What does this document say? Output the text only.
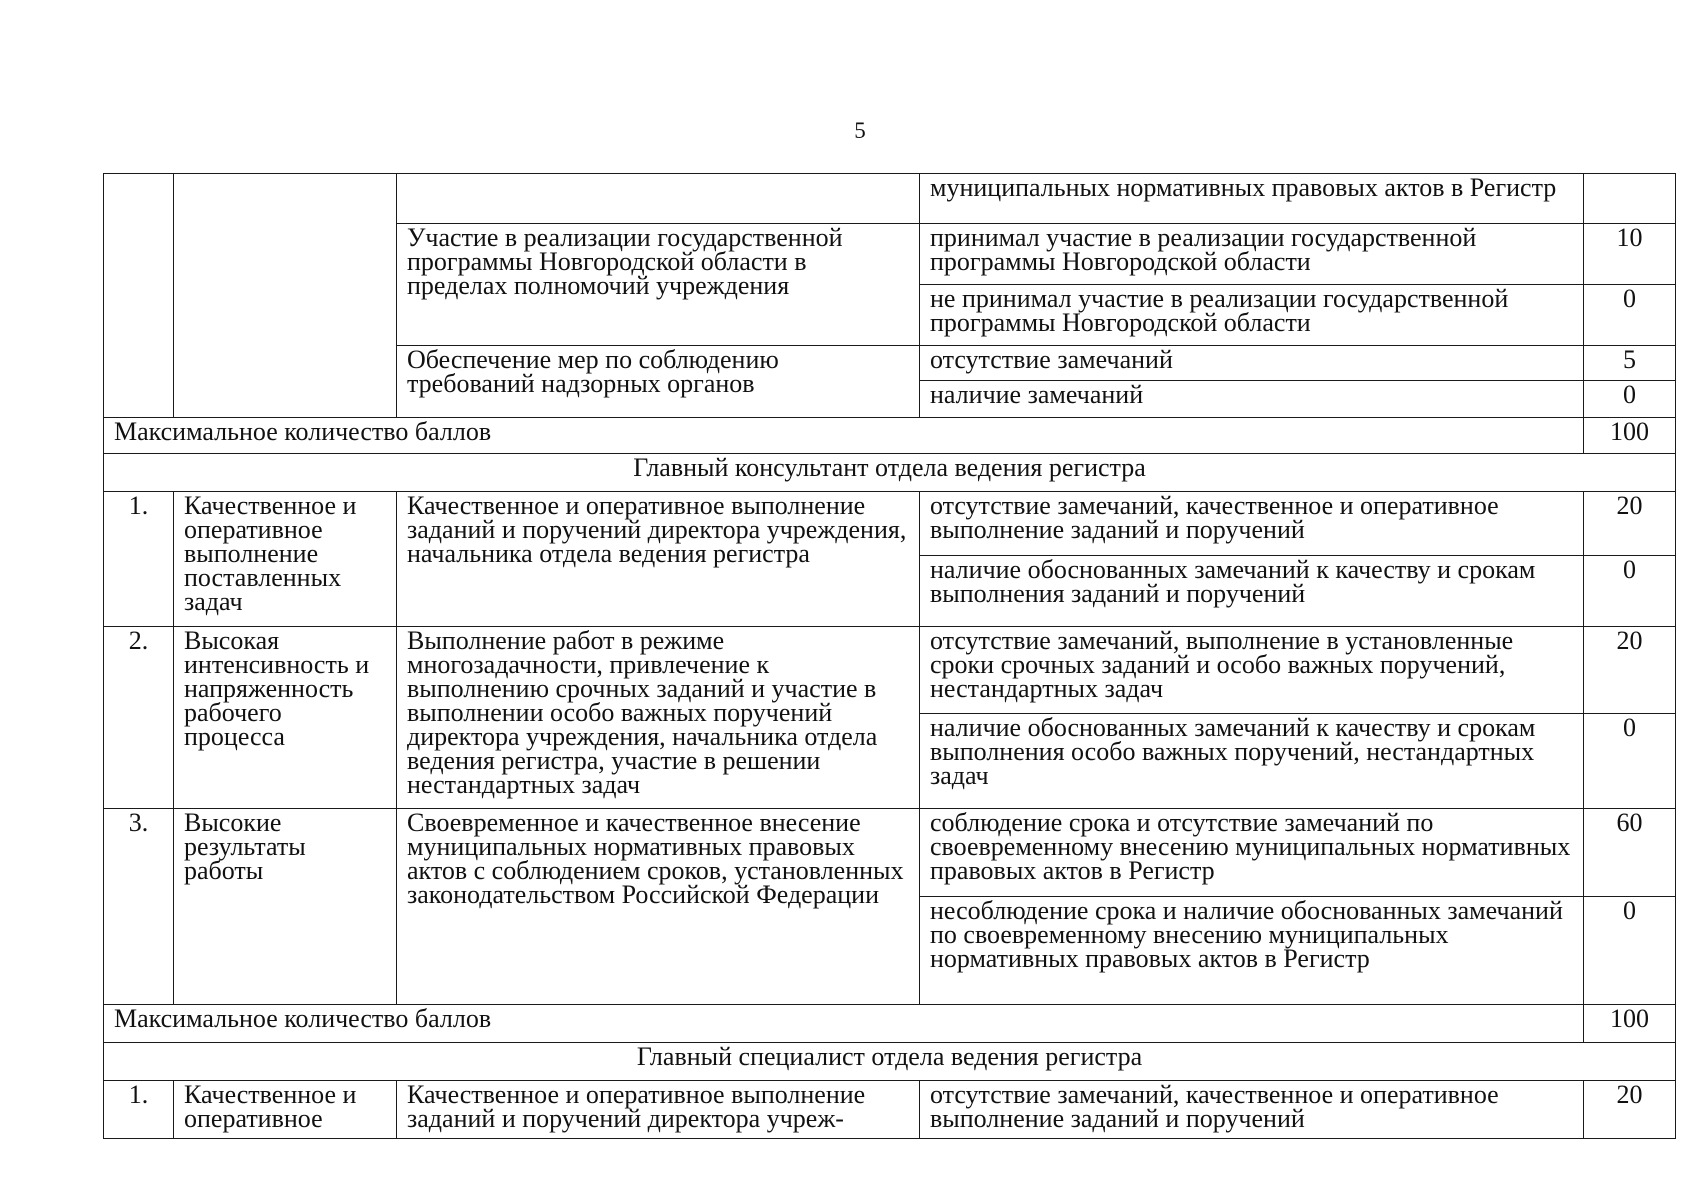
5
			муниципальных нормативных правовых актов в Регистр	
		Участие в реализации государственной программы Новгородской области в пределах полномочий учреждения	принимал участие в реализации государственной программы Новгородской области	10
			не принимал участие в реализации государственной программы Новгородской области	0
		Обеспечение мер по соблюдению требований надзорных органов	отсутствие замечаний	5
			наличие замечаний	0
Максимальное количество баллов				100
Главный консультант отдела ведения регистра				
1.	Качественное и оперативное выполнение поставленных задач	Качественное и оперативное выполнение заданий и поручений директора учреждения, начальника отдела ведения регистра	отсутствие замечаний, качественное и оперативное выполнение заданий и поручений	20
			наличие обоснованных замечаний к качеству и срокам выполнения заданий и поручений	0
2.	Высокая интенсивность и напряженность рабочего процесса	Выполнение работ в режиме многозадачности, привлечение к выполнению срочных заданий и участие в выполнении особо важных поручений директора учреждения, начальника отдела ведения регистра, участие в решении нестандартных задач	отсутствие замечаний, выполнение в установленные сроки срочных заданий и особо важных поручений, нестандартных задач	20
			наличие обоснованных замечаний к качеству и срокам выполнения особо важных поручений, нестандартных задач	0
3.	Высокие результаты работы	Своевременное и качественное внесение муниципальных нормативных правовых актов с соблюдением сроков, установленных законодательством Российской Федерации	соблюдение срока и отсутствие замечаний по своевременному внесению муниципальных нормативных правовых актов в Регистр	60
			несоблюдение срока и наличие обоснованных замечаний по своевременному внесению муниципальных нормативных правовых актов в Регистр	0
Максимальное количество баллов				100
Главный специалист отдела ведения регистра				
1.	Качественное и оперативное	Качественное и оперативное выполнение заданий и поручений директора учреж-	отсутствие замечаний, качественное и оперативное выполнение заданий и поручений	20
